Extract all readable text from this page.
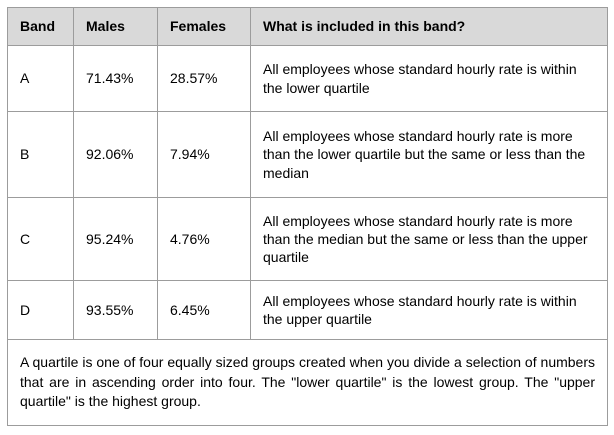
Band	Males	Females	What is included in this band?
A	71.43%	28.57%	All employees whose standard hourly rate is within the lower quartile
B	92.06%	7.94%	All employees whose standard hourly rate is more than the lower quartile but the same or less than the median
C	95.24%	4.76%	All employees whose standard hourly rate is more than the median but the same or less than the upper quartile
D	93.55%	6.45%	All employees whose standard hourly rate is within the upper quartile
A quartile is one of four equally sized groups created when you divide a selection of numbers that are in ascending order into four. The "lower quartile" is the lowest group. The "upper quartile" is the highest group.			
